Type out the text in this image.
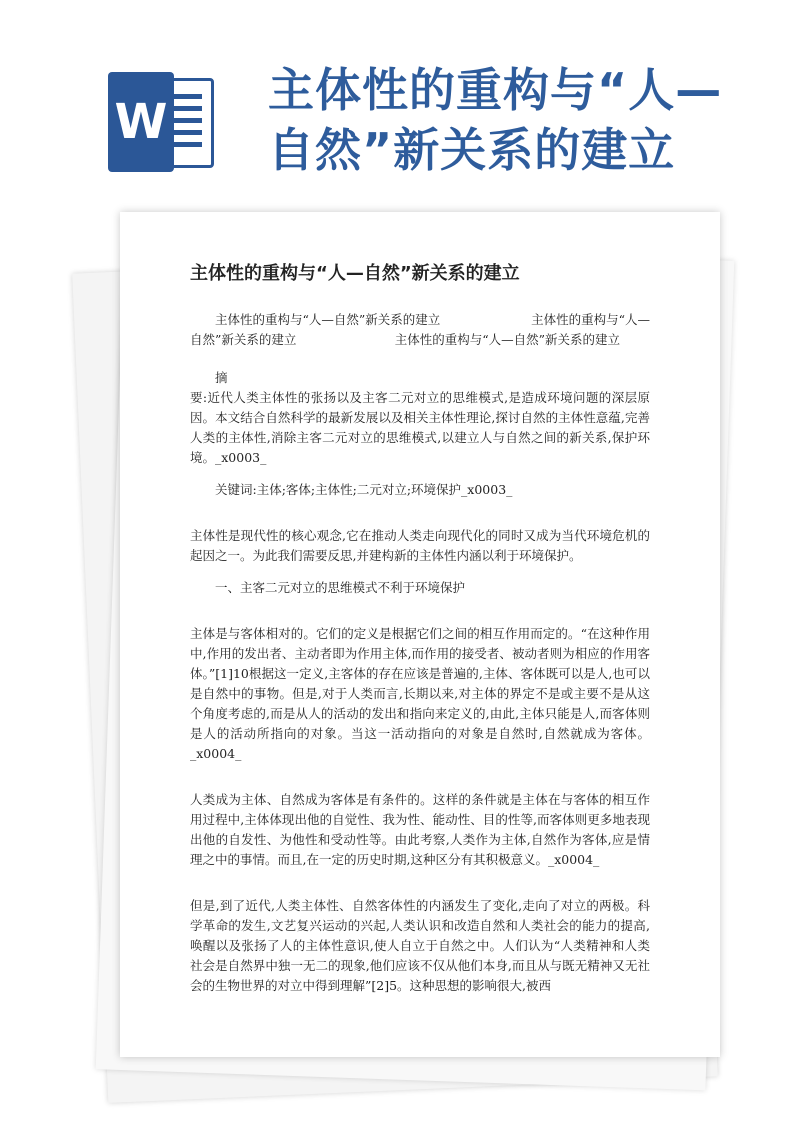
W
主体性的重构与“人—自然”新关系的建立
主体性的重构与“人—自然”新关系的建立
主体性的重构与“人—自然”新关系的建立	主体性的重构与“人—
自然”新关系的建立	主体性的重构与“人—自然”新关系的建立

摘

要:近代人类主体性的张扬以及主客二元对立的思维模式,是造成环境问题的深层原因。本文结合自然科学的最新发展以及相关主体性理论,探讨自然的主体性意蕴,完善人类的主体性,消除主客二元对立的思维模式,以建立人与自然之间的新关系,保护环境。_x0003_

关键词:主体;客体;主体性;二元对立;环境保护_x0003_

主体性是现代性的核心观念,它在推动人类走向现代化的同时又成为当代环境危机的起因之一。为此我们需要反思,并建构新的主体性内涵以利于环境保护。

一、主客二元对立的思维模式不利于环境保护

主体是与客体相对的。它们的定义是根据它们之间的相互作用而定的。“在这种作用中,作用的发出者、主动者即为作用主体,而作用的接受者、被动者则为相应的作用客体。”[1]10根据这一定义,主客体的存在应该是普遍的,主体、客体既可以是人,也可以是自然中的事物。但是,对于人类而言,长期以来,对主体的界定不是或主要不是从这个角度考虑的,而是从人的活动的发出和指向来定义的,由此,主体只能是人,而客体则是人的活动所指向的对象。当这一活动指向的对象是自然时,自然就成为客体。_x0004_

人类成为主体、自然成为客体是有条件的。这样的条件就是主体在与客体的相互作用过程中,主体体现出他的自觉性、我为性、能动性、目的性等,而客体则更多地表现出他的自发性、为他性和受动性等。由此考察,人类作为主体,自然作为客体,应是情理之中的事情。而且,在一定的历史时期,这种区分有其积极意义。_x0004_

但是,到了近代,人类主体性、自然客体性的内涵发生了变化,走向了对立的两极。科学革命的发生,文艺复兴运动的兴起,人类认识和改造自然和人类社会的能力的提高,唤醒以及张扬了人的主体性意识,使人自立于自然之中。人们认为“人类精神和人类社会是自然界中独一无二的现象,他们应该不仅从他们本身,而且从与既无精神又无社会的生物世界的对立中得到理解”[2]5。这种思想的影响很大,被西
